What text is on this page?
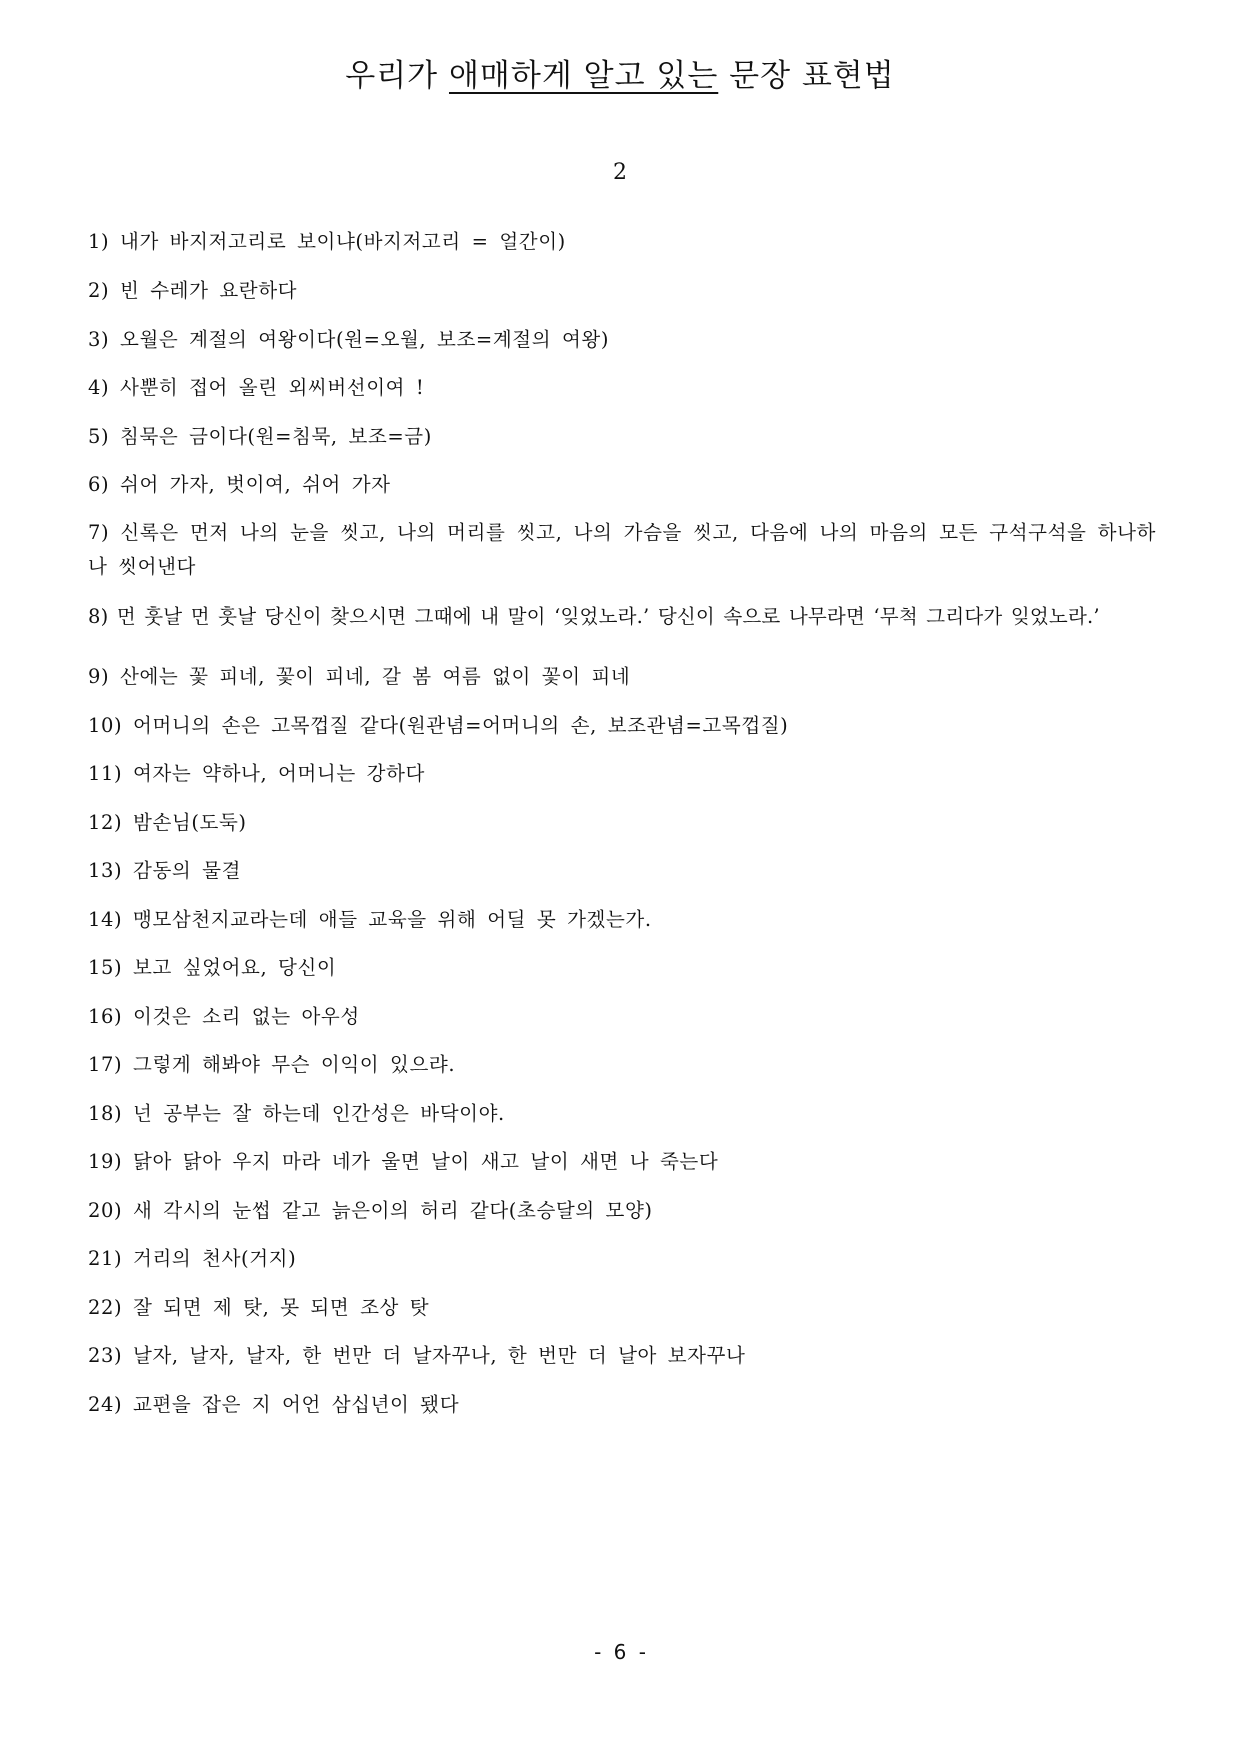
우리가 애매하게 알고 있는 문장 표현법
2
1) 내가 바지저고리로 보이냐(바지저고리 = 얼간이)
2) 빈 수레가 요란하다
3) 오월은 계절의 여왕이다(원=오월, 보조=계절의 여왕)
4) 사뿐히 접어 올린 외씨버선이여 !
5) 침묵은 금이다(원=침묵, 보조=금)
6) 쉬어 가자, 벗이여, 쉬어 가자
7) 신록은 먼저 나의 눈을 씻고, 나의 머리를 씻고, 나의 가슴을 씻고, 다음에 나의 마음의 모든 구석구석을 하나하나 씻어낸다
8) 먼 훗날 먼 훗날 당신이 찾으시면 그때에 내 말이 ‘잊었노라.’ 당신이 속으로 나무라면 ‘무척 그리다가 잊었노라.’
9) 산에는 꽃 피네, 꽃이 피네, 갈 봄 여름 없이 꽃이 피네
10) 어머니의 손은 고목껍질 같다(원관념=어머니의 손, 보조관념=고목껍질)
11) 여자는 약하나, 어머니는 강하다
12) 밤손님(도둑)
13) 감동의 물결
14) 맹모삼천지교라는데 애들 교육을 위해 어딜 못 가겠는가.
15) 보고 싶었어요, 당신이
16) 이것은 소리 없는 아우성
17) 그렇게 해봐야 무슨 이익이 있으랴.
18) 넌 공부는 잘 하는데 인간성은 바닥이야.
19) 닭아 닭아 우지 마라 네가 울면 날이 새고 날이 새면 나 죽는다
20) 새 각시의 눈썹 같고 늙은이의 허리 같다(초승달의 모양)
21) 거리의 천사(거지)
22) 잘 되면 제 탓, 못 되면 조상 탓
23) 날자, 날자, 날자, 한 번만 더 날자꾸나, 한 번만 더 날아 보자꾸나
24) 교편을 잡은 지 어언 삼십년이 됐다
- 6 -
